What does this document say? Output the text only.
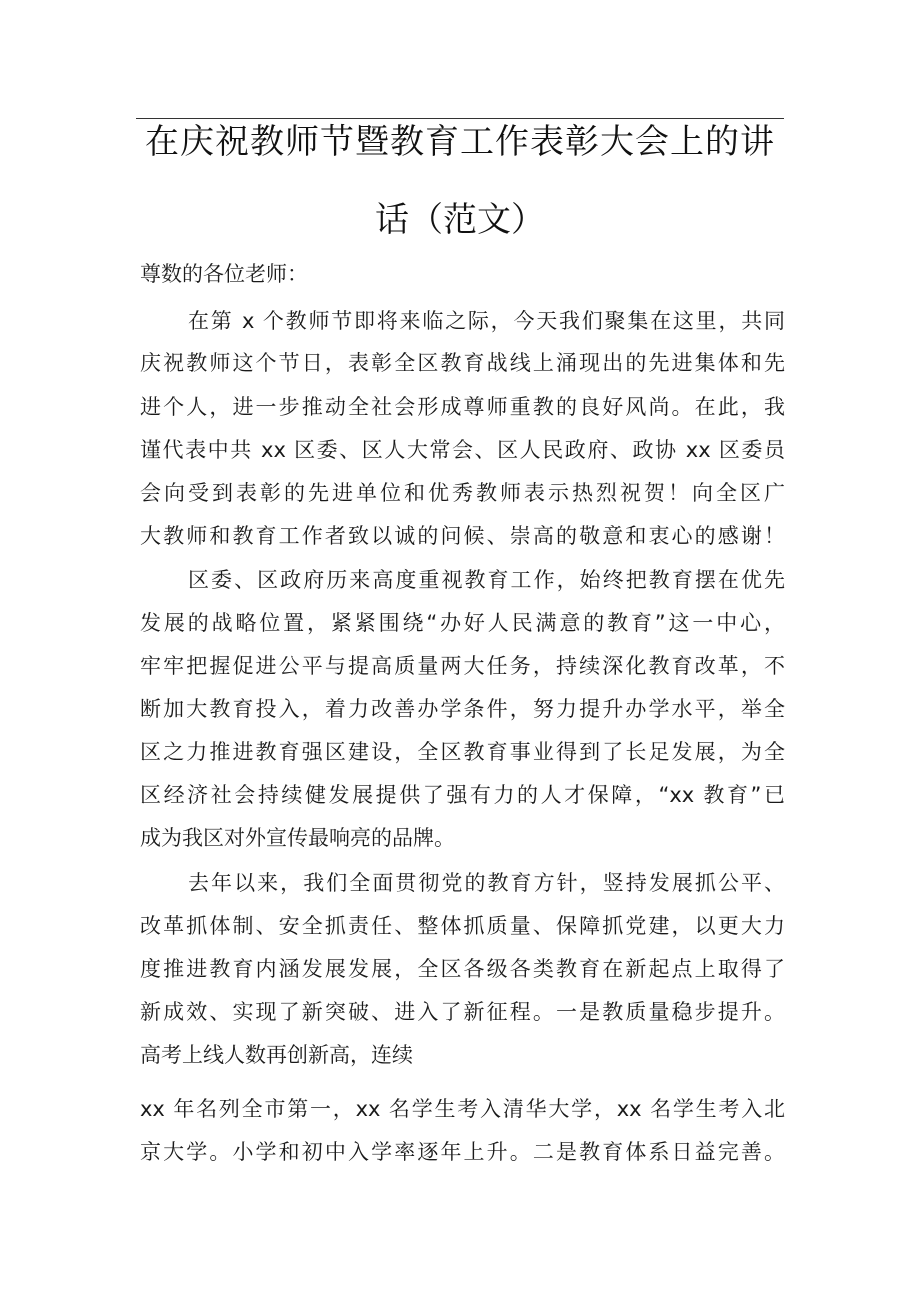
在庆祝教师节暨教育工作表彰大会上的讲
话（范文）
尊数的各位老师：
在第 x 个教师节即将来临之际，今天我们聚集在这里，共同
庆祝教师这个节日，表彰全区教育战线上涌现出的先进集体和先
进个人，进一步推动全社会形成尊师重教的良好风尚。在此，我
谨代表中共 xx 区委、区人大常会、区人民政府、政协 xx 区委员
会向受到表彰的先进单位和优秀教师表示热烈祝贺！向全区广
大教师和教育工作者致以诚的问候、崇高的敬意和衷心的感谢！
区委、区政府历来高度重视教育工作，始终把教育摆在优先
发展的战略位置，紧紧围绕“办好人民满意的教育”这一中心，
牢牢把握促进公平与提高质量两大任务，持续深化教育改革，不
断加大教育投入，着力改善办学条件，努力提升办学水平，举全
区之力推进教育强区建设，全区教育事业得到了长足发展，为全
区经济社会持续健发展提供了强有力的人才保障，“xx 教育”已
成为我区对外宣传最响亮的品牌。
去年以来，我们全面贯彻党的教育方针，竖持发展抓公平、
改革抓体制、安全抓责任、整体抓质量、保障抓党建，以更大力
度推进教育内涵发展发展，全区各级各类教育在新起点上取得了
新成效、实现了新突破、进入了新征程。一是教质量稳步提升。
高考上线人数再创新高，连续
xx 年名列全市第一，xx 名学生考入清华大学，xx 名学生考入北
京大学。小学和初中入学率逐年上升。二是教育体系日益完善。
